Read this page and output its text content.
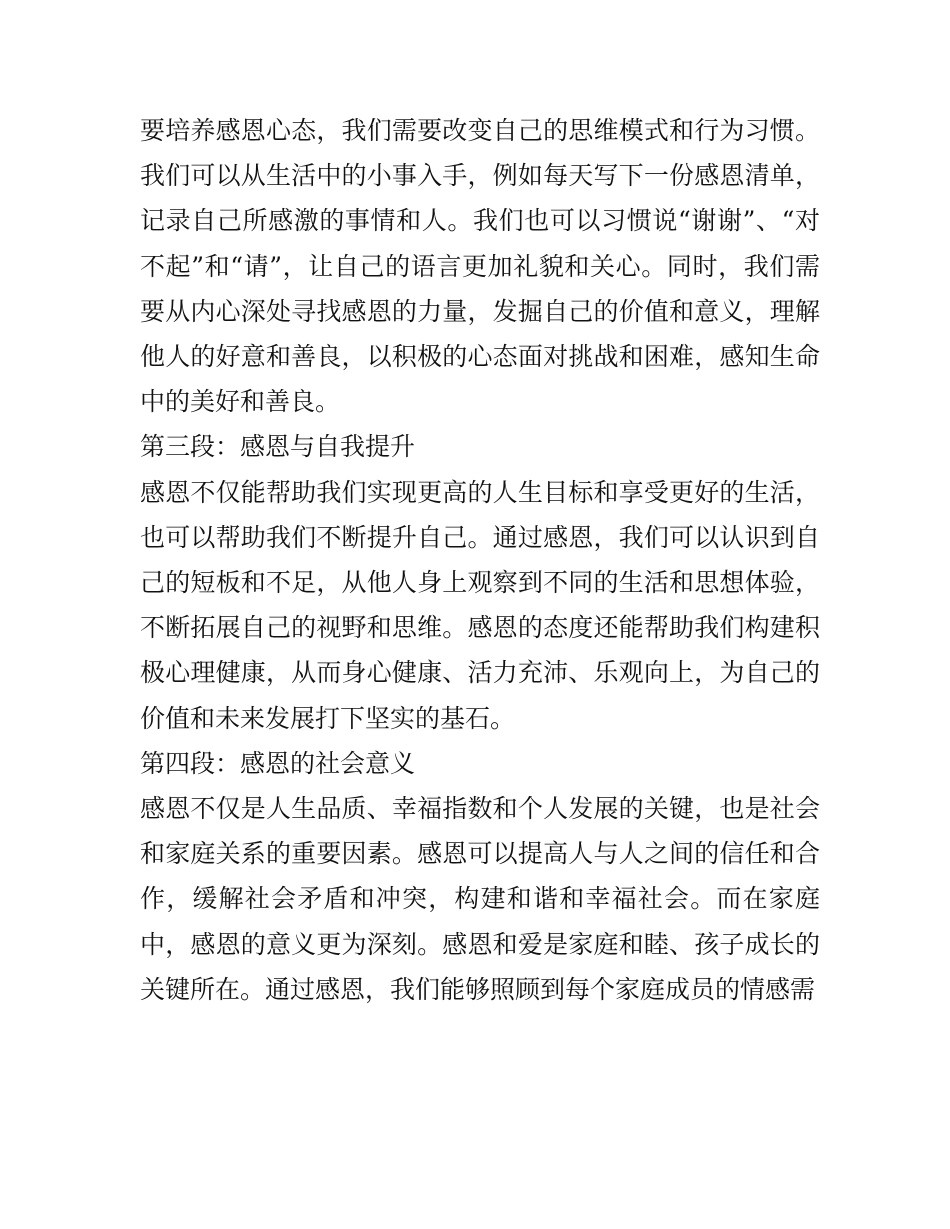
要培养感恩心态，我们需要改变自己的思维模式和行为习惯。我们可以从生活中的小事入手，例如每天写下一份感恩清单，记录自己所感激的事情和人。我们也可以习惯说“谢谢”、“对不起”和“请”，让自己的语言更加礼貌和关心。同时，我们需要从内心深处寻找感恩的力量，发掘自己的价值和意义，理解他人的好意和善良，以积极的心态面对挑战和困难，感知生命中的美好和善良。

第三段：感恩与自我提升

感恩不仅能帮助我们实现更高的人生目标和享受更好的生活，也可以帮助我们不断提升自己。通过感恩，我们可以认识到自己的短板和不足，从他人身上观察到不同的生活和思想体验，不断拓展自己的视野和思维。感恩的态度还能帮助我们构建积极心理健康，从而身心健康、活力充沛、乐观向上，为自己的价值和未来发展打下坚实的基石。

第四段：感恩的社会意义

感恩不仅是人生品质、幸福指数和个人发展的关键，也是社会和家庭关系的重要因素。感恩可以提高人与人之间的信任和合作，缓解社会矛盾和冲突，构建和谐和幸福社会。而在家庭中，感恩的意义更为深刻。感恩和爱是家庭和睦、孩子成长的关键所在。通过感恩，我们能够照顾到每个家庭成员的情感需
